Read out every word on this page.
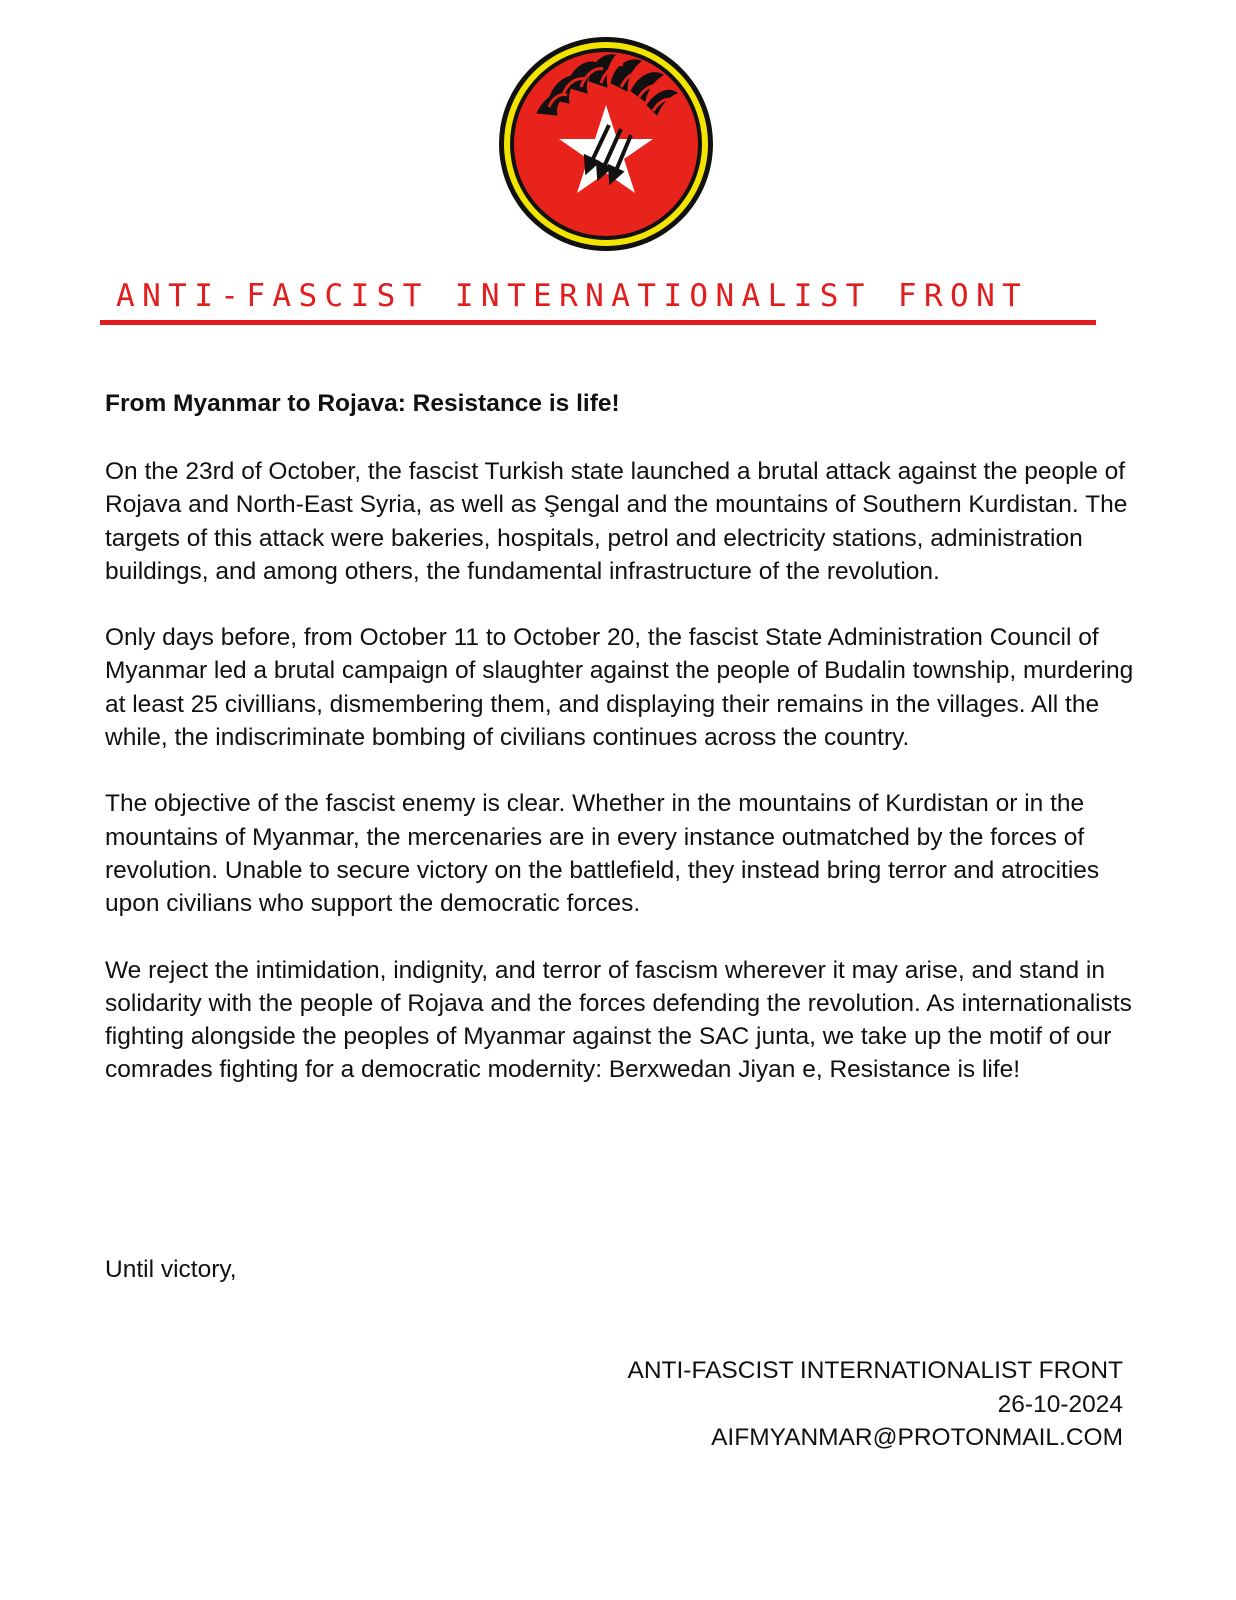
ANTI-FASCIST INTERNATIONALIST FRONT
From Myanmar to Rojava: Resistance is life!
On the 23rd of October, the fascist Turkish state launched a brutal attack against the people of Rojava and North-East Syria, as well as Şengal and the mountains of Southern Kurdistan. The targets of this attack were bakeries, hospitals, petrol and electricity stations, administration buildings, and among others, the fundamental infrastructure of the revolution.
Only days before, from October 11 to October 20, the fascist State Administration Council of Myanmar led a brutal campaign of slaughter against the people of Budalin township, murdering at least 25 civillians, dismembering them, and displaying their remains in the villages. All the while, the indiscriminate bombing of civilians continues across the country.
The objective of the fascist enemy is clear. Whether in the mountains of Kurdistan or in the mountains of Myanmar, the mercenaries are in every instance outmatched by the forces of revolution. Unable to secure victory on the battlefield, they instead bring terror and atrocities upon civilians who support the democratic forces.
We reject the intimidation, indignity, and terror of fascism wherever it may arise, and stand in solidarity with the people of Rojava and the forces defending the revolution. As internationalists fighting alongside the peoples of Myanmar against the SAC junta, we take up the motif of our comrades fighting for a democratic modernity: Berxwedan Jiyan e, Resistance is life!
Until victory,
ANTI-FASCIST INTERNATIONALIST FRONT
26-10-2024
AIFMYANMAR@PROTONMAIL.COM
